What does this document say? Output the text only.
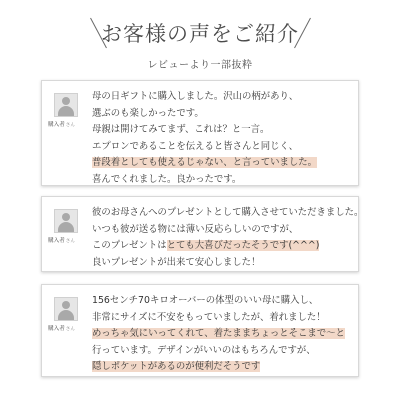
お客様の声をご紹介
レビューより一部抜粋
購入者さん
母の日ギフトに購入しました。沢山の柄があり、
選ぶのも楽しかったです。
母親は開けてみてまず、これは？と一言。
エプロンであることを伝えると皆さんと同じく、
普段着としても使えるじゃない、と言っていました。
喜んでくれました。良かったです。
購入者さん
彼のお母さんへのプレゼントとして購入させていただきました。
いつも彼が送る物には薄い反応らしいのですが、
このプレゼントはとても大喜びだったそうです(^^^)
良いプレゼントが出来て安心しました！
購入者さん
156センチ70キロオーバーの体型のいい母に購入し、
非常にサイズに不安をもっていましたが、着れました！
めっちゃ気にいってくれて、着たままちょっとそこまで〜と
行っています。デザインがいいのはもちろんですが、
隠しポケットがあるのが便利だそうです
